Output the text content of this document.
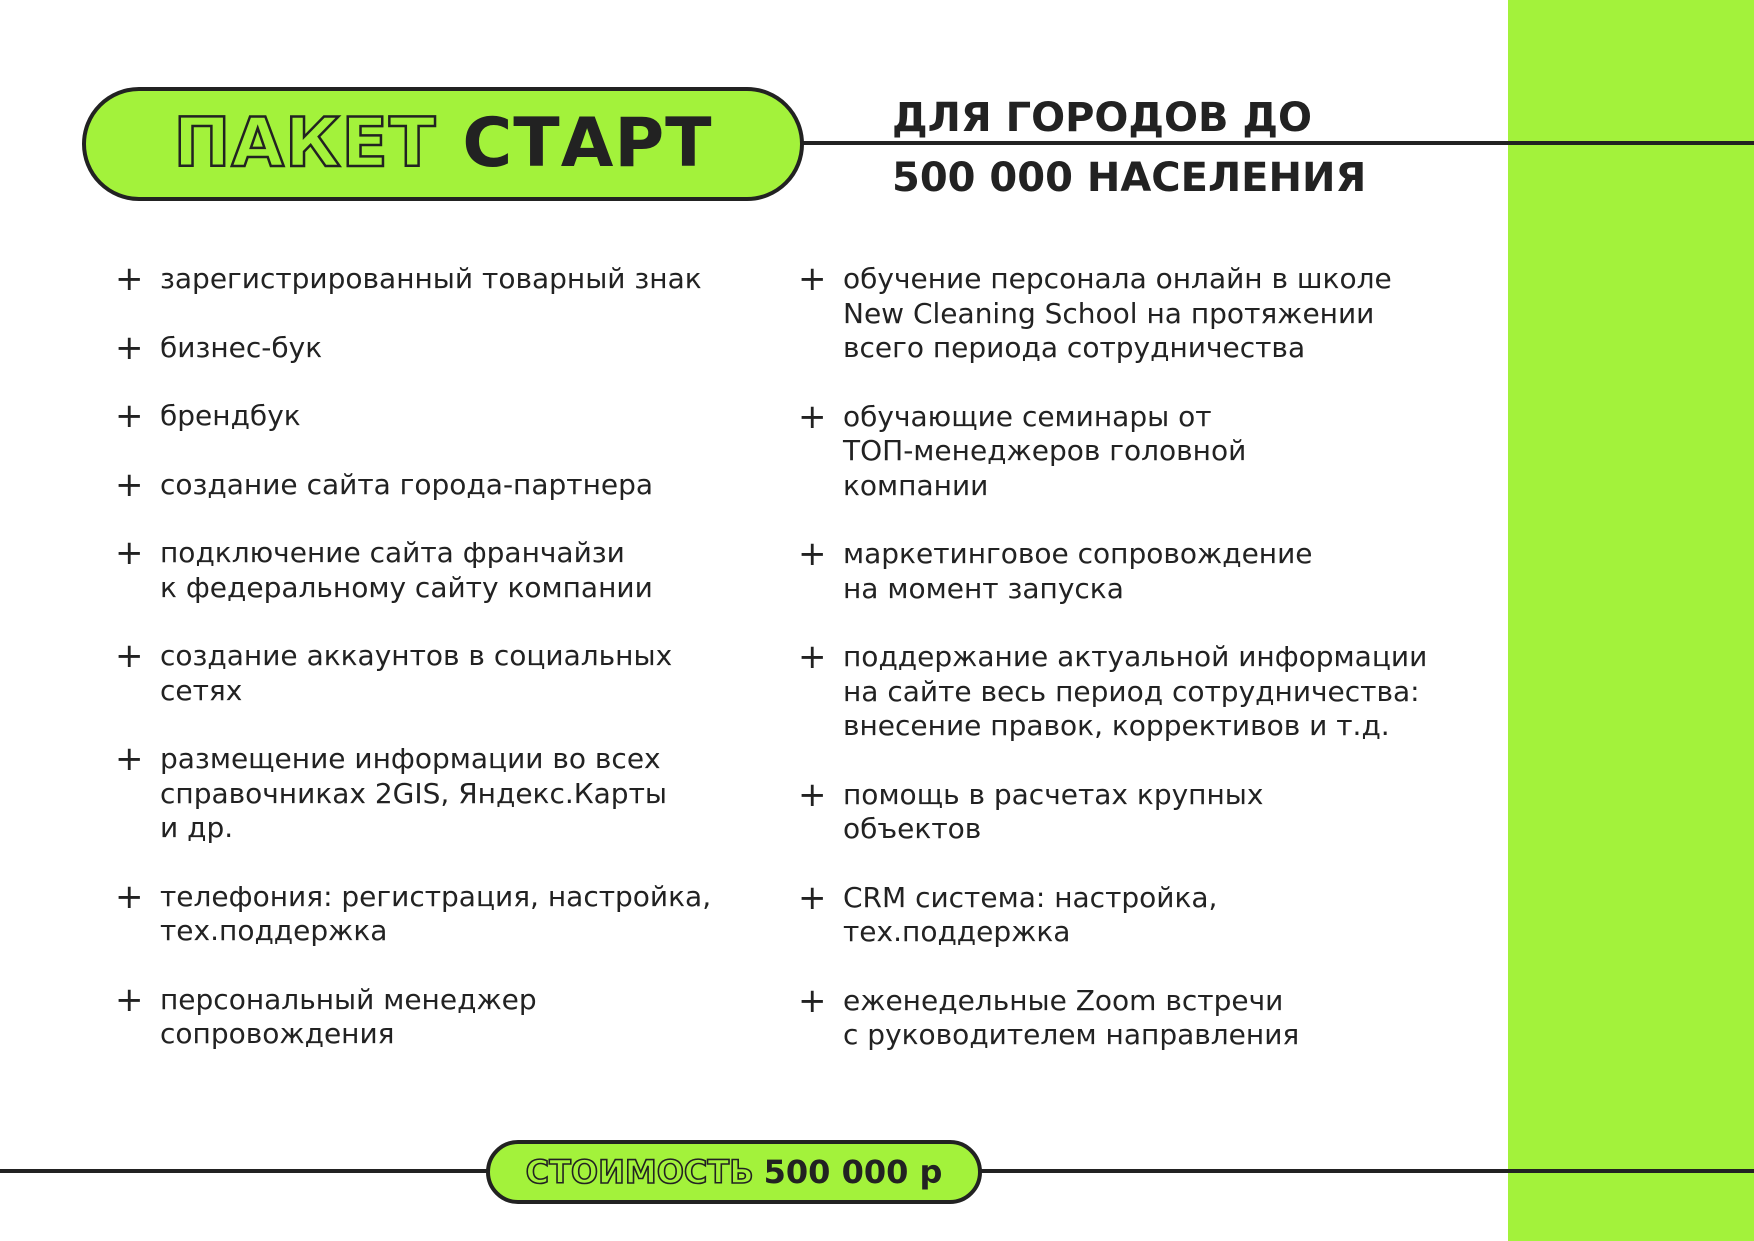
ПАКЕТ СТАРТ	ДЛЯ ГОРОДОВ ДО
500 000 НАСЕЛЕНИЯ
+ зарегистрированный товарный знак
+ бизнес-бук
+ брендбук
+ создание сайта города-партнера
+ подключение сайта франчайзи
к федеральному сайту компании
+ создание аккаунтов в социальных
сетях
+ размещение информации во всех
справочниках 2GIS, Яндекс.Карты
и др.
+ телефония: регистрация, настройка,
тех.поддержка
+ персональный менеджер
сопровождения
+ обучение персонала онлайн в школе
New Cleaning School на протяжении
всего периода сотрудничества
+ обучающие семинары от
ТОП-менеджеров головной
компании
+ маркетинговое сопровождение
на момент запуска
+ поддержание актуальной информации
на сайте весь период сотрудничества:
внесение правок, коррективов и т.д.
+ помощь в расчетах крупных
объектов
+ CRM система: настройка,
тех.поддержка
+ еженедельные Zoom встречи
с руководителем направления
СТОИМОСТЬ 500 000 р
